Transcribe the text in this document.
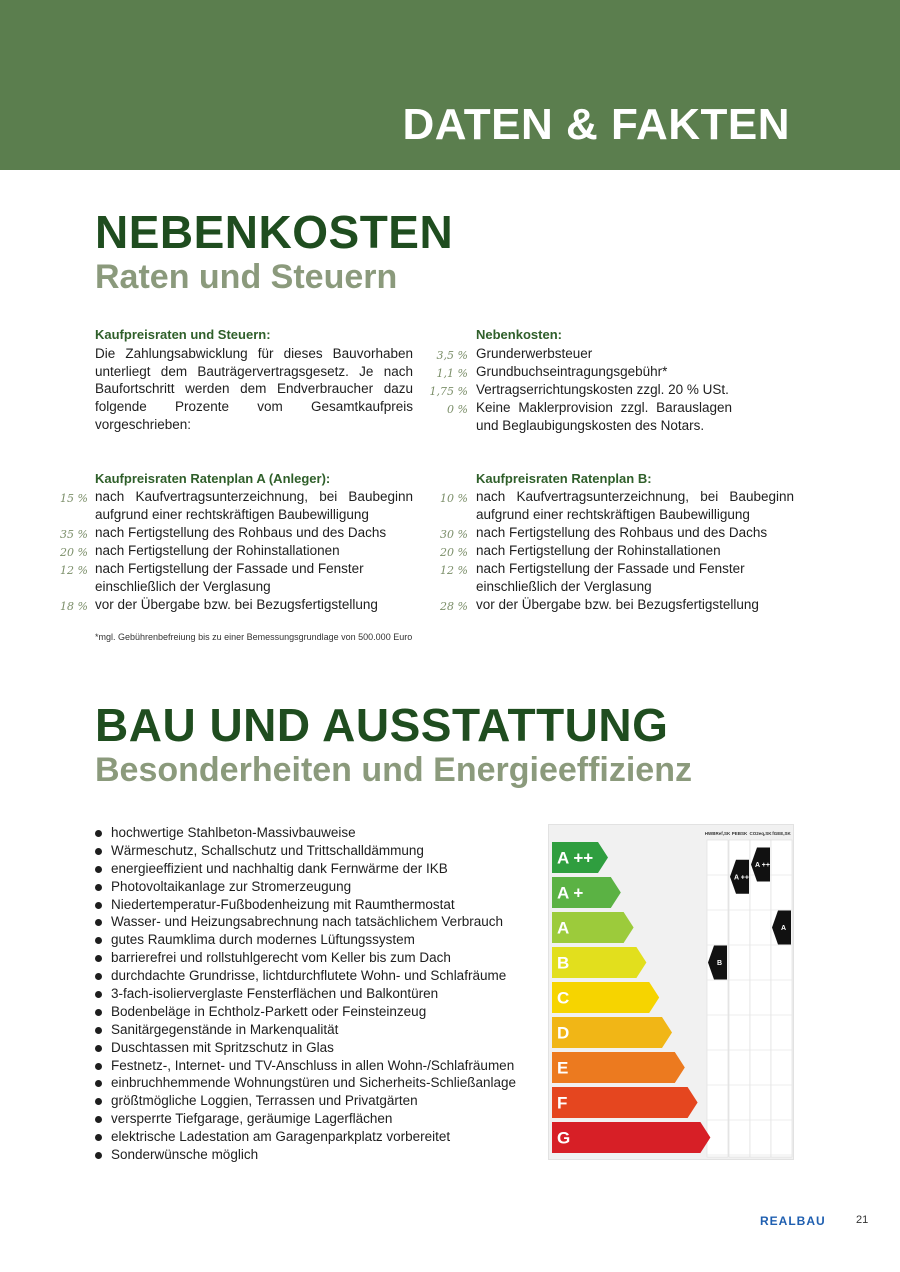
DATEN & FAKTEN
NEBENKOSTEN
Raten und Steuern
Kaufpreisraten und Steuern:
Die Zahlungsabwicklung für dieses Bauvorhaben unterliegt dem Bauträgervertragsgesetz. Je nach Baufortschritt werden dem Endverbraucher dazu folgende Prozente vom Gesamtkaufpreis vorgeschrieben:
Nebenkosten:
3,5 % Grunderwerbsteuer
1,1 % Grundbuchseintragungsgebühr*
1,75 % Vertragserrichtungskosten zzgl. 20 % USt.
0 % Keine Maklerprovision zzgl. Barauslagen und Beglaubigungskosten des Notars.
Kaufpreisraten Ratenplan A (Anleger):
15 % nach Kaufvertragsunterzeichnung, bei Baubeginn aufgrund einer rechtskräftigen Baubewilligung
35 % nach Fertigstellung des Rohbaus und des Dachs
20 % nach Fertigstellung der Rohinstallationen
12 % nach Fertigstellung der Fassade und Fenster einschließlich der Verglasung
18 % vor der Übergabe bzw. bei Bezugsfertigstellung
Kaufpreisraten Ratenplan B:
10 % nach Kaufvertragsunterzeichnung, bei Baubeginn aufgrund einer rechtskräftigen Baubewilligung
30 % nach Fertigstellung des Rohbaus und des Dachs
20 % nach Fertigstellung der Rohinstallationen
12 % nach Fertigstellung der Fassade und Fenster einschließlich der Verglasung
28 % vor der Übergabe bzw. bei Bezugsfertigstellung
*mgl. Gebührenbefreiung bis zu einer Bemessungsgrundlage von 500.000 Euro
BAU UND AUSSTATTUNG
Besonderheiten und Energieeffizienz
hochwertige Stahlbeton-Massivbauweise
Wärmeschutz, Schallschutz und Trittschalldämmung
energieeffizient und nachhaltig dank Fernwärme der IKB
Photovoltaikanlage zur Stromerzeugung
Niedertemperatur-Fußbodenheizung mit Raumthermostat
Wasser- und Heizungsabrechnung nach tatsächlichem Verbrauch
gutes Raumklima durch modernes Lüftungssystem
barrierefrei und rollstuhlgerecht vom Keller bis zum Dach
durchdachte Grundrisse, lichtdurchflutete Wohn- und Schlafräume
3-fach-isolierverglaste Fensterflächen und Balkontüren
Bodenbeläge in Echtholz-Parkett oder Feinsteinzeug
Sanitärgegenstände in Markenqualität
Duschtassen mit Spritzschutz in Glas
Festnetz-, Internet- und TV-Anschluss in allen Wohn-/Schlafräumen
einbruchhemmende Wohnungstüren und Sicherheits-Schließanlage
größtmögliche Loggien, Terrassen und Privatgärten
versperrte Tiefgarage, geräumige Lagerflächen
elektrische Ladestation am Garagenparkplatz vorbereitet
Sonderwünsche möglich
HWBRef,SK PEBSK CO2eq,SK fGEE,SK
A ++
A +
A
B
C
D
E
F
G
B
A ++
A ++
A
REALBAU	21
